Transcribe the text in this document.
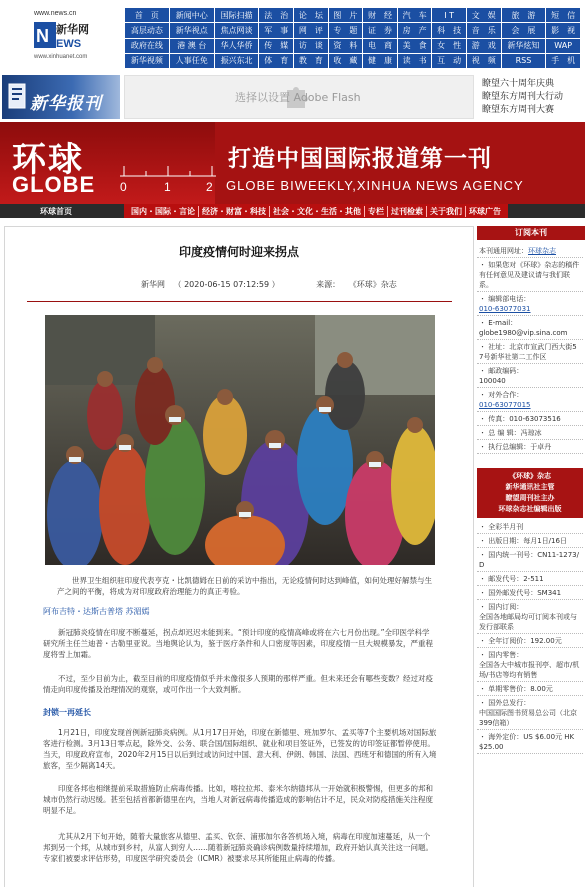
www.news.cn
N 新华网
EWS
www.xinhuanet.com
首　页	新闻中心	国际扫描	法　治	论　坛	图　片	财　经	汽　车	I T	文　娱	旅　游	短　信
高层动态	新华视点	焦点网谈	军　事	网　评	专　题	证　券	房　产	科　技	音　乐	会　展	影　视
政府在线	港 澳 台	华人华侨	传　媒	访　谈	资　料	电　商	美　食	女　性	游　戏	新华炫知	WAP
新华视频	人事任免	振兴东北	体　育	教　育	收　藏	健　康	读　书	互　动	视　频	RSS	手　机
新华报刊	选择以设置 Adobe Flash
瞭望六十周年庆典
瞭望东方周刊大行动
瞭望东方周刊大赛
环球
GLOBE 0	1	2
打造中国国际报道第一刊
GLOBE BIWEEKLY,XINHUA NEWS AGENCY
环球首页	国内・国际・言论 经济・财富・科技 社会・文化・生活・其他 专栏 过刊检索 关于我们 环球广告
印度疫情何时迎来拐点
新华网 （ 2020-06-15 07:12:59 ）	来源： 《环球》杂志
世界卫生组织驻印度代表亨克・比凯德姆在日前的采访中指出，无论疫情何时达到峰值，如何处理好解禁与生产之间的平衡，将成为对印度政府治理能力的真正考验。
阿布吉特・达斯古普塔 苏湄嫣
新冠肺炎疫情在印度不断蔓延，拐点却迟迟未能到来。“预计印度的疫情高峰或将在六七月份出现。”全印医学科学研究所主任兰迪普・古勒里亚说。当地舆论认为，鉴于医疗条件和人口密度等因素，印度疫情一旦大规模暴发，严重程度将雪上加霜。
不过，至少目前为止，截至目前的印度疫情似乎并未像很多人预期的那样严重。但未来还会有哪些变数？经过对疫情走向印度传播及治理情况的观察，或可作出一个大致判断。
封锁一再延长
1月21日，印度发现首例新冠肺炎病例。从1月17日开始，印度在新德里、班加罗尔、孟买等7个主要机场对国际旅客进行检测。3月13日零点起，除外交、公务、联合国/国际组织、就业和项目签证外，已签发的访印签证都暂停使用。当天，印度政府宣布，2020年2月15日以后到过或访问过中国、意大利、伊朗、韩国、法国、西班牙和德国的所有入境旅客，至少隔离14天。
印度各邦也相继提前采取措施防止病毒传播。比如，喀拉拉邦、泰米尔纳德邦从一开始就积极警惕，但更多的邦和城市仍然行动迟缓。甚至包括首都新德里在内，当地人对新冠病毒传播造成的影响估计不足，民众对防疫措施关注程度明显不足。
尤其从2月下旬开始，随着大量旅客从德里、孟买、钦奈、浦那加尔各答机场入境，病毒在印度加速蔓延，从一个邦到另一个邦，从城市到乡村，从富人到穷人……随着新冠肺炎确诊病例数量持续增加，政府开始认真关注这一问题。专家们被要求评估形势，印度医学研究委员会（ICMR）被要求尽其所能阻止病毒的传播。
订阅本刊
本刊通用网址：环球杂志
・ 如果您对《环球》杂志的稿件有任何意见及建议请与我们联系。
・ 编辑部电话：
010-63077031
・ E-mail：
globe1980@vip.sina.com
・ 社址：北京市宣武门西大街57号新华社第二工作区
・ 邮政编码：
100040
・ 对外合作：
010-63077015
・ 传真：010-63073516
・ 总 编 辑：冯琼冰
・ 执行总编辑：于卓丹
《环球》杂志
新华通讯社主管
瞭望周刊社主办
环球杂志社编辑出版
・ 全彩半月刊
・ 出版日期：每月1日/16日
・ 国内统一刊号：CN11-1273/D
・ 邮发代号：2-511
・ 国外邮发代号：SM341
・ 国内订阅：
全国各地邮局均可订阅本刊或与发行部联系
・ 全年订阅价：192.00元
・ 国内零售：
全国各大中城市报刊亭、超市/机场/书店等均有销售
・ 单期零售价：8.00元
・ 国外总发行：
中国国际图书贸易总公司（北京399信箱）
・ 海外定价：US $6.00元 HK $25.00
